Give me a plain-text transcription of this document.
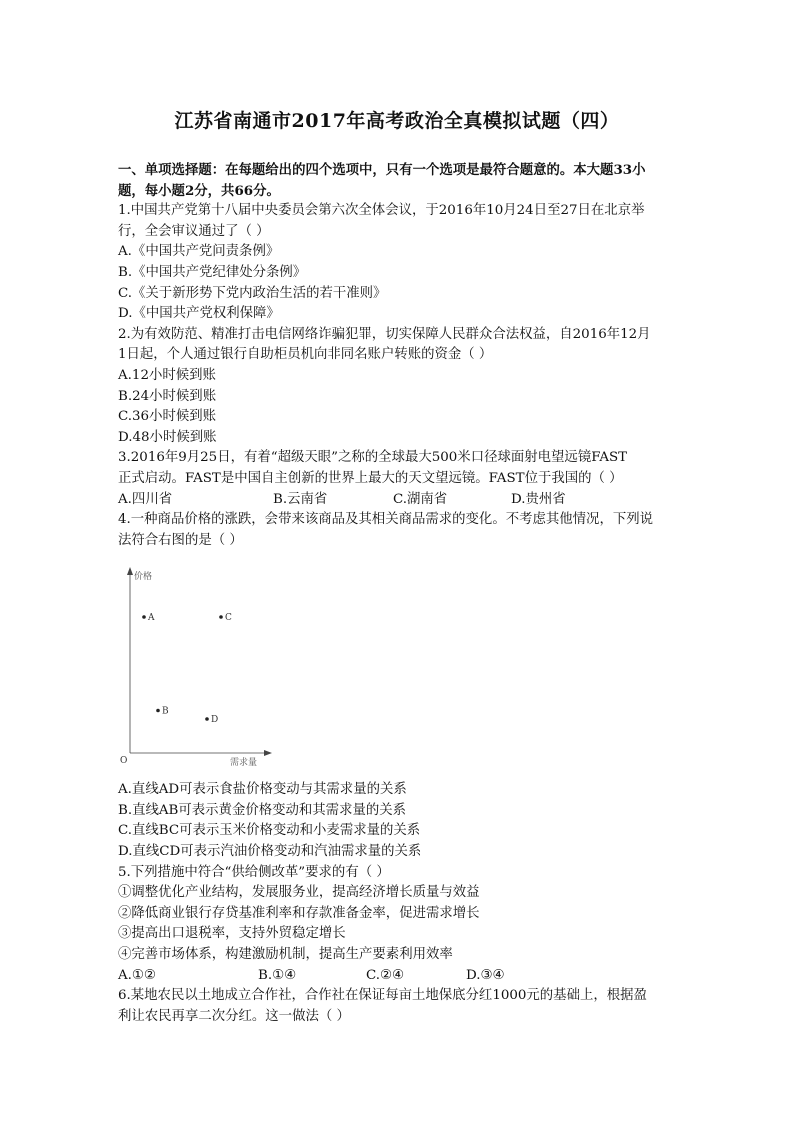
江苏省南通市2017年高考政治全真模拟试题（四）
一、单项选择题：在每题给出的四个选项中，只有一个选项是最符合题意的。本大题33小
题，每小题2分，共66分。
1.中国共产党第十八届中央委员会第六次全体会议，于2016年10月24日至27日在北京举
行，全会审议通过了（ ）
A.《中国共产党问责条例》
B.《中国共产党纪律处分条例》
C.《关于新形势下党内政治生活的若干准则》
D.《中国共产党权利保障》
2.为有效防范、精准打击电信网络诈骗犯罪，切实保障人民群众合法权益，自2016年12月
1日起，个人通过银行自助柜员机向非同名账户转账的资金（ ）
A.12小时候到账
B.24小时候到账
C.36小时候到账
D.48小时候到账
3.2016年9月25日，有着“超级天眼”之称的全球最大500米口径球面射电望远镜FAST
正式启动。FAST是中国自主创新的世界上最大的天文望远镜。FAST位于我国的（ ）
A.四川省	B.云南省	C.湖南省	D.贵州省
4.一种商品价格的涨跌，会带来该商品及其相关商品需求的变化。不考虑其他情况，下列说
法符合右图的是（ ）
价格
需求量
O
A	C
B
D
A.直线AD可表示食盐价格变动与其需求量的关系
B.直线AB可表示黄金价格变动和其需求量的关系
C.直线BC可表示玉米价格变动和小麦需求量的关系
D.直线CD可表示汽油价格变动和汽油需求量的关系
5.下列措施中符合“供给侧改革”要求的有（ ）
①调整优化产业结构，发展服务业，提高经济增长质量与效益
②降低商业银行存贷基准利率和存款准备金率，促进需求增长
③提高出口退税率，支持外贸稳定增长
④完善市场体系，构建激励机制，提高生产要素利用效率
A.①②	B.①④	C.②④	D.③④
6.某地农民以土地成立合作社，合作社在保证每亩土地保底分红1000元的基础上，根据盈
利让农民再享二次分红。这一做法（ ）
